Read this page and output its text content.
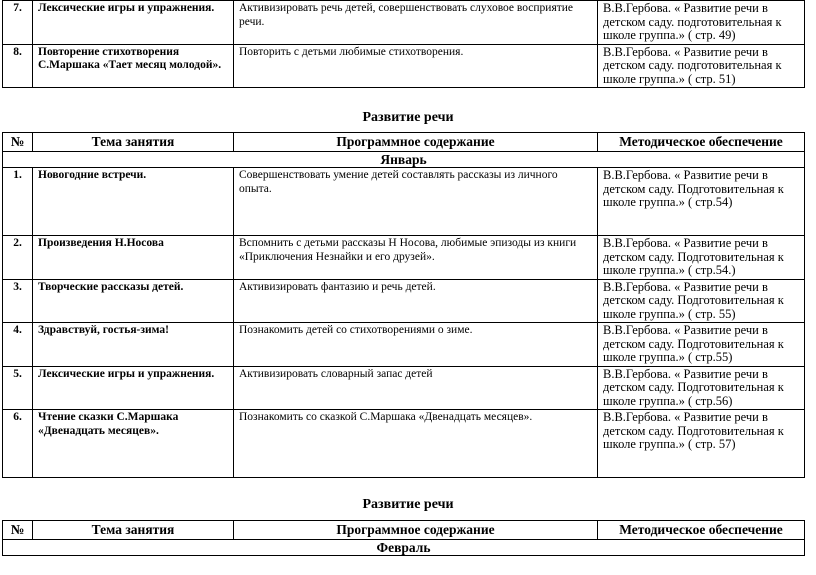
7.	Лексические игры и упражнения.	Активизировать речь детей, совершенствовать слуховое восприятие речи.	В.В.Гербова. « Развитие речи в детском саду. подготовительная к школе группа.» ( стр. 49)
8.	Повторение стихотворения С.Маршака «Тает месяц молодой».	Повторить с детьми любимые стихотворения.	В.В.Гербова. « Развитие речи в детском саду. подготовительная к школе группа.» ( стр. 51)
Развитие речи
№	Тема занятия	Программное содержание	Методическое обеспечение
Январь			
1.	Новогодние встречи.	Совершенствовать умение детей составлять рассказы из личного опыта.	В.В.Гербова. « Развитие речи в детском саду. Подготовительная к школе группа.» ( стр.54)
2.	Произведения Н.Носова	Вспомнить с детьми рассказы Н Носова, любимые эпизоды из книги «Приключения Незнайки и его друзей».	В.В.Гербова. « Развитие речи в детском саду. Подготовительная к школе группа.» ( стр.54.)
3.	Творческие рассказы детей.	Активизировать фантазию и речь детей.	В.В.Гербова. « Развитие речи в детском саду. Подготовительная к школе группа.» ( стр. 55)
4.	Здравствуй, гостья-зима!	Познакомить детей со стихотворениями о зиме.	В.В.Гербова. « Развитие речи в детском саду. Подготовительная к школе группа.» ( стр.55)
5.	Лексические игры и упражнения.	Активизировать словарный запас детей	В.В.Гербова. « Развитие речи в детском саду. Подготовительная к школе группа.» ( стр.56)
6.	Чтение сказки С.Маршака «Двенадцать месяцев».	Познакомить со сказкой С.Маршака «Двенадцать месяцев».	В.В.Гербова. « Развитие речи в детском саду. Подготовительная к школе группа.» ( стр. 57)
Развитие речи
№	Тема занятия	Программное содержание	Методическое обеспечение
Февраль
